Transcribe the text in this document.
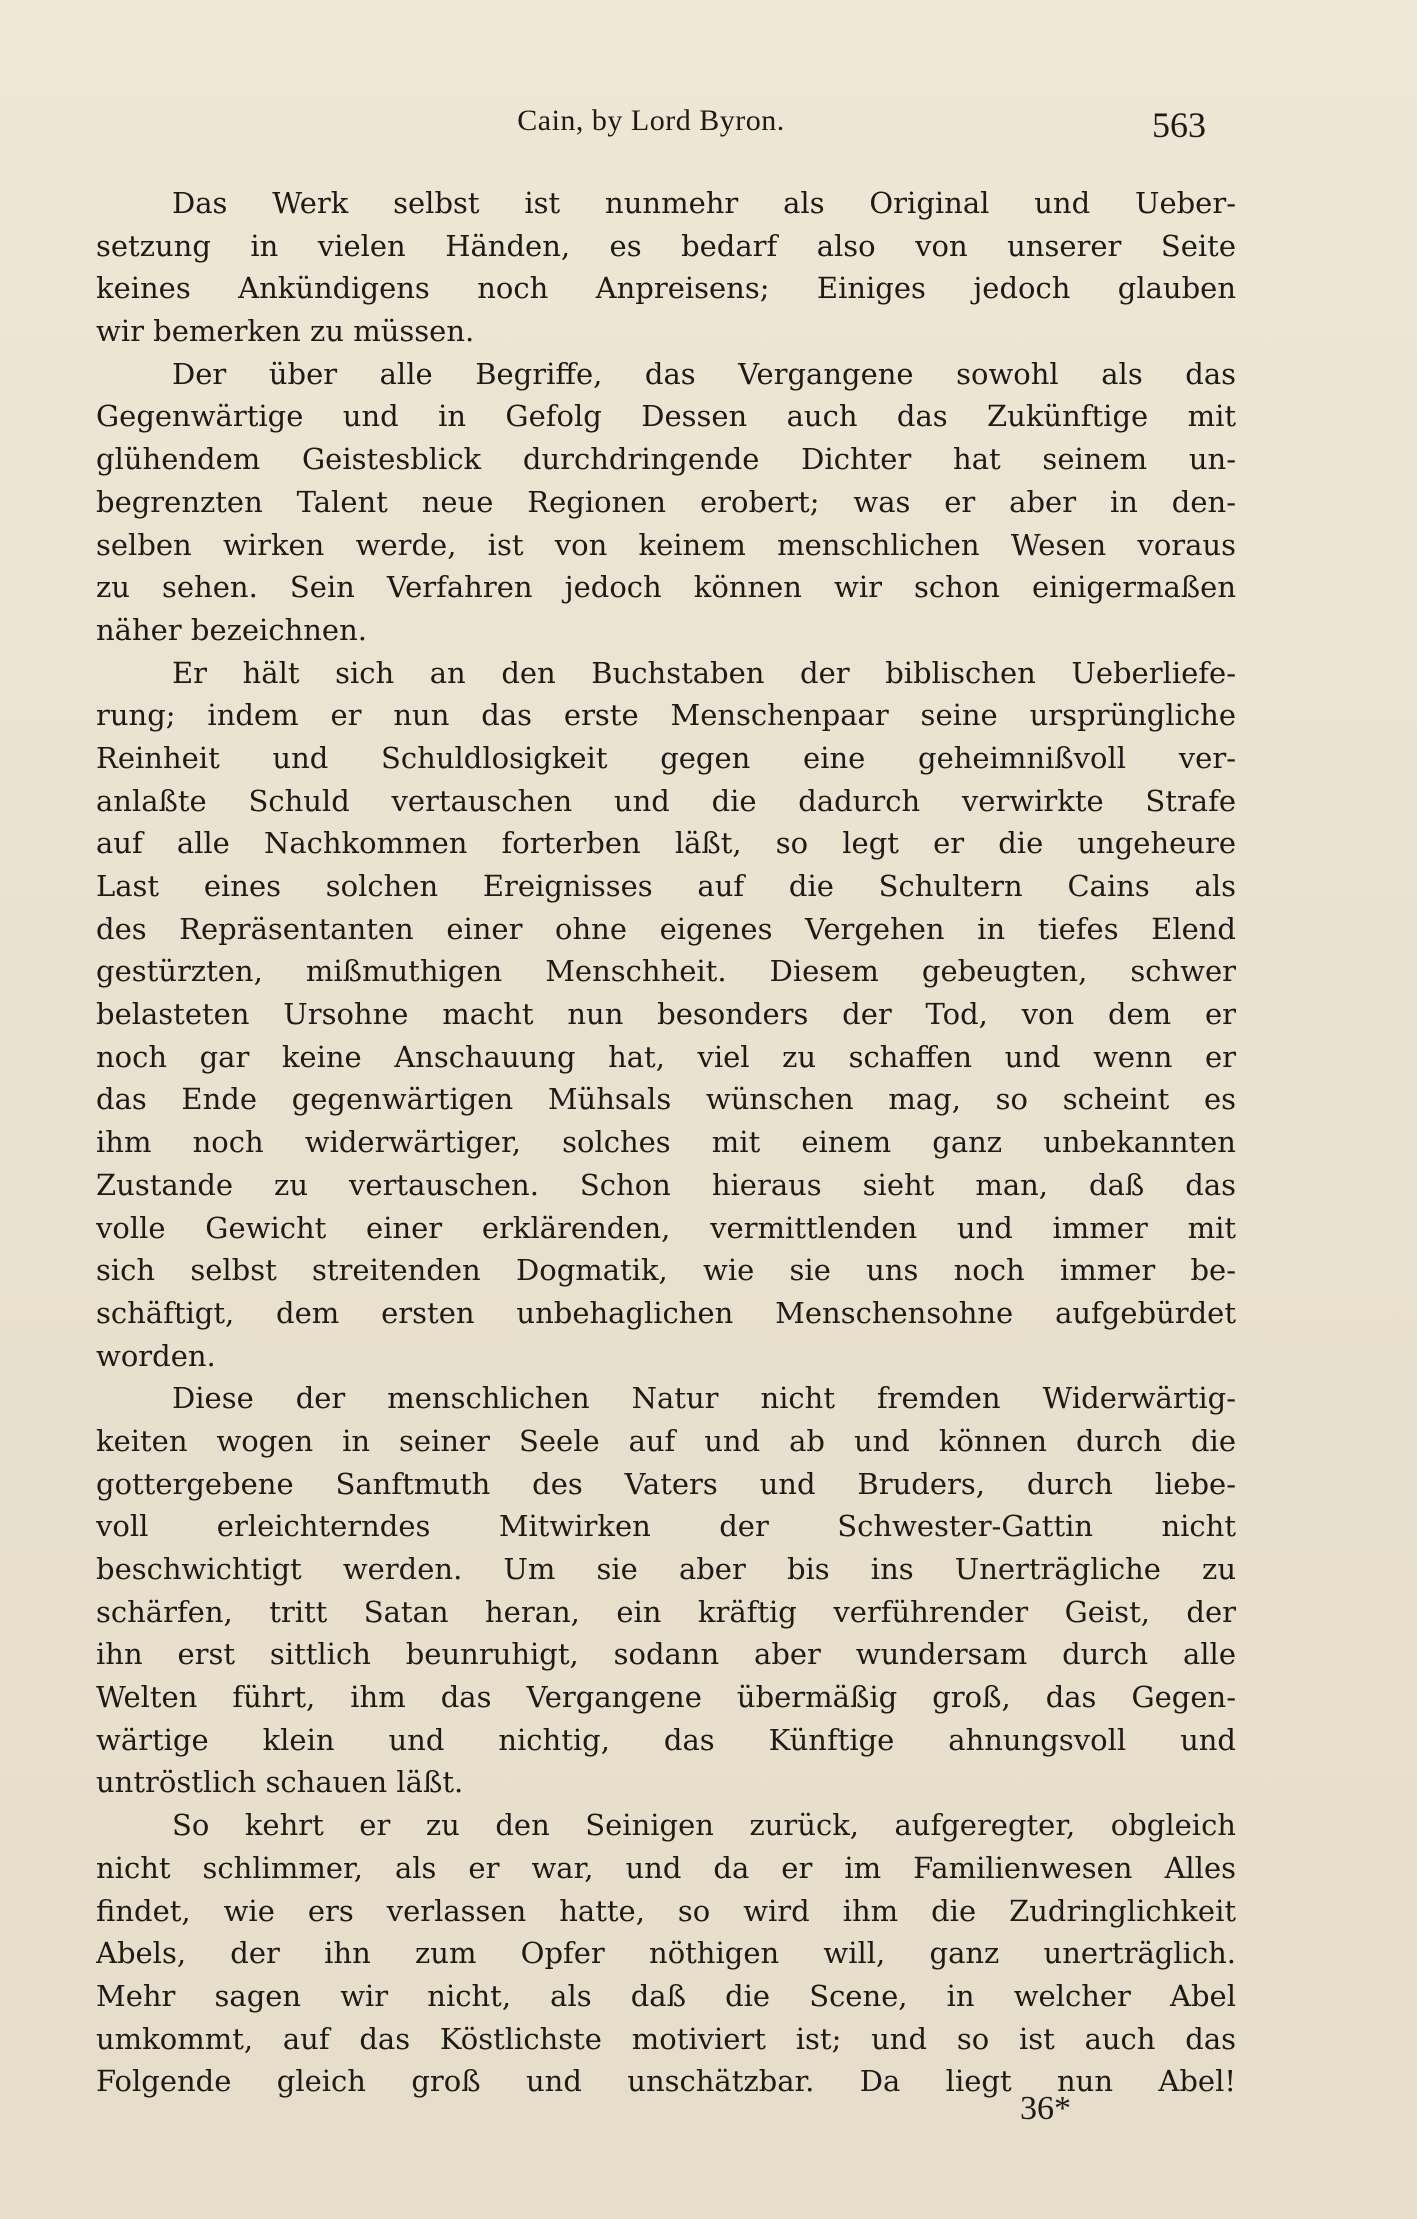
Cain, by Lord Byron.	563
Das Werk selbst ist nunmehr als Original und Ueber-
setzung in vielen Händen, es bedarf also von unserer Seite
keines Ankündigens noch Anpreisens; Einiges jedoch glauben
wir bemerken zu müssen.
Der über alle Begriffe, das Vergangene sowohl als das
Gegenwärtige und in Gefolg Dessen auch das Zukünftige mit
glühendem Geistesblick durchdringende Dichter hat seinem un-
begrenzten Talent neue Regionen erobert; was er aber in den-
selben wirken werde, ist von keinem menschlichen Wesen voraus
zu sehen. Sein Verfahren jedoch können wir schon einigermaßen
näher bezeichnen.
Er hält sich an den Buchstaben der biblischen Ueberliefe-
rung; indem er nun das erste Menschenpaar seine ursprüngliche
Reinheit und Schuldlosigkeit gegen eine geheimnißvoll ver-
anlaßte Schuld vertauschen und die dadurch verwirkte Strafe
auf alle Nachkommen forterben läßt, so legt er die ungeheure
Last eines solchen Ereignisses auf die Schultern Cains als
des Repräsentanten einer ohne eigenes Vergehen in tiefes Elend
gestürzten, mißmuthigen Menschheit. Diesem gebeugten, schwer
belasteten Ursohne macht nun besonders der Tod, von dem er
noch gar keine Anschauung hat, viel zu schaffen und wenn er
das Ende gegenwärtigen Mühsals wünschen mag, so scheint es
ihm noch widerwärtiger, solches mit einem ganz unbekannten
Zustande zu vertauschen. Schon hieraus sieht man, daß das
volle Gewicht einer erklärenden, vermittlenden und immer mit
sich selbst streitenden Dogmatik, wie sie uns noch immer be-
schäftigt, dem ersten unbehaglichen Menschensohne aufgebürdet
worden.
Diese der menschlichen Natur nicht fremden Widerwärtig-
keiten wogen in seiner Seele auf und ab und können durch die
gottergebene Sanftmuth des Vaters und Bruders, durch liebe-
voll erleichterndes Mitwirken der Schwester-Gattin nicht
beschwichtigt werden. Um sie aber bis ins Unerträgliche zu
schärfen, tritt Satan heran, ein kräftig verführender Geist, der
ihn erst sittlich beunruhigt, sodann aber wundersam durch alle
Welten führt, ihm das Vergangene übermäßig groß, das Gegen-
wärtige klein und nichtig, das Künftige ahnungsvoll und
untröstlich schauen läßt.
So kehrt er zu den Seinigen zurück, aufgeregter, obgleich
nicht schlimmer, als er war, und da er im Familienwesen Alles
findet, wie ers verlassen hatte, so wird ihm die Zudringlichkeit
Abels, der ihn zum Opfer nöthigen will, ganz unerträglich.
Mehr sagen wir nicht, als daß die Scene, in welcher Abel
umkommt, auf das Köstlichste motiviert ist; und so ist auch das
Folgende gleich groß und unschätzbar. Da liegt nun Abel!
36*
